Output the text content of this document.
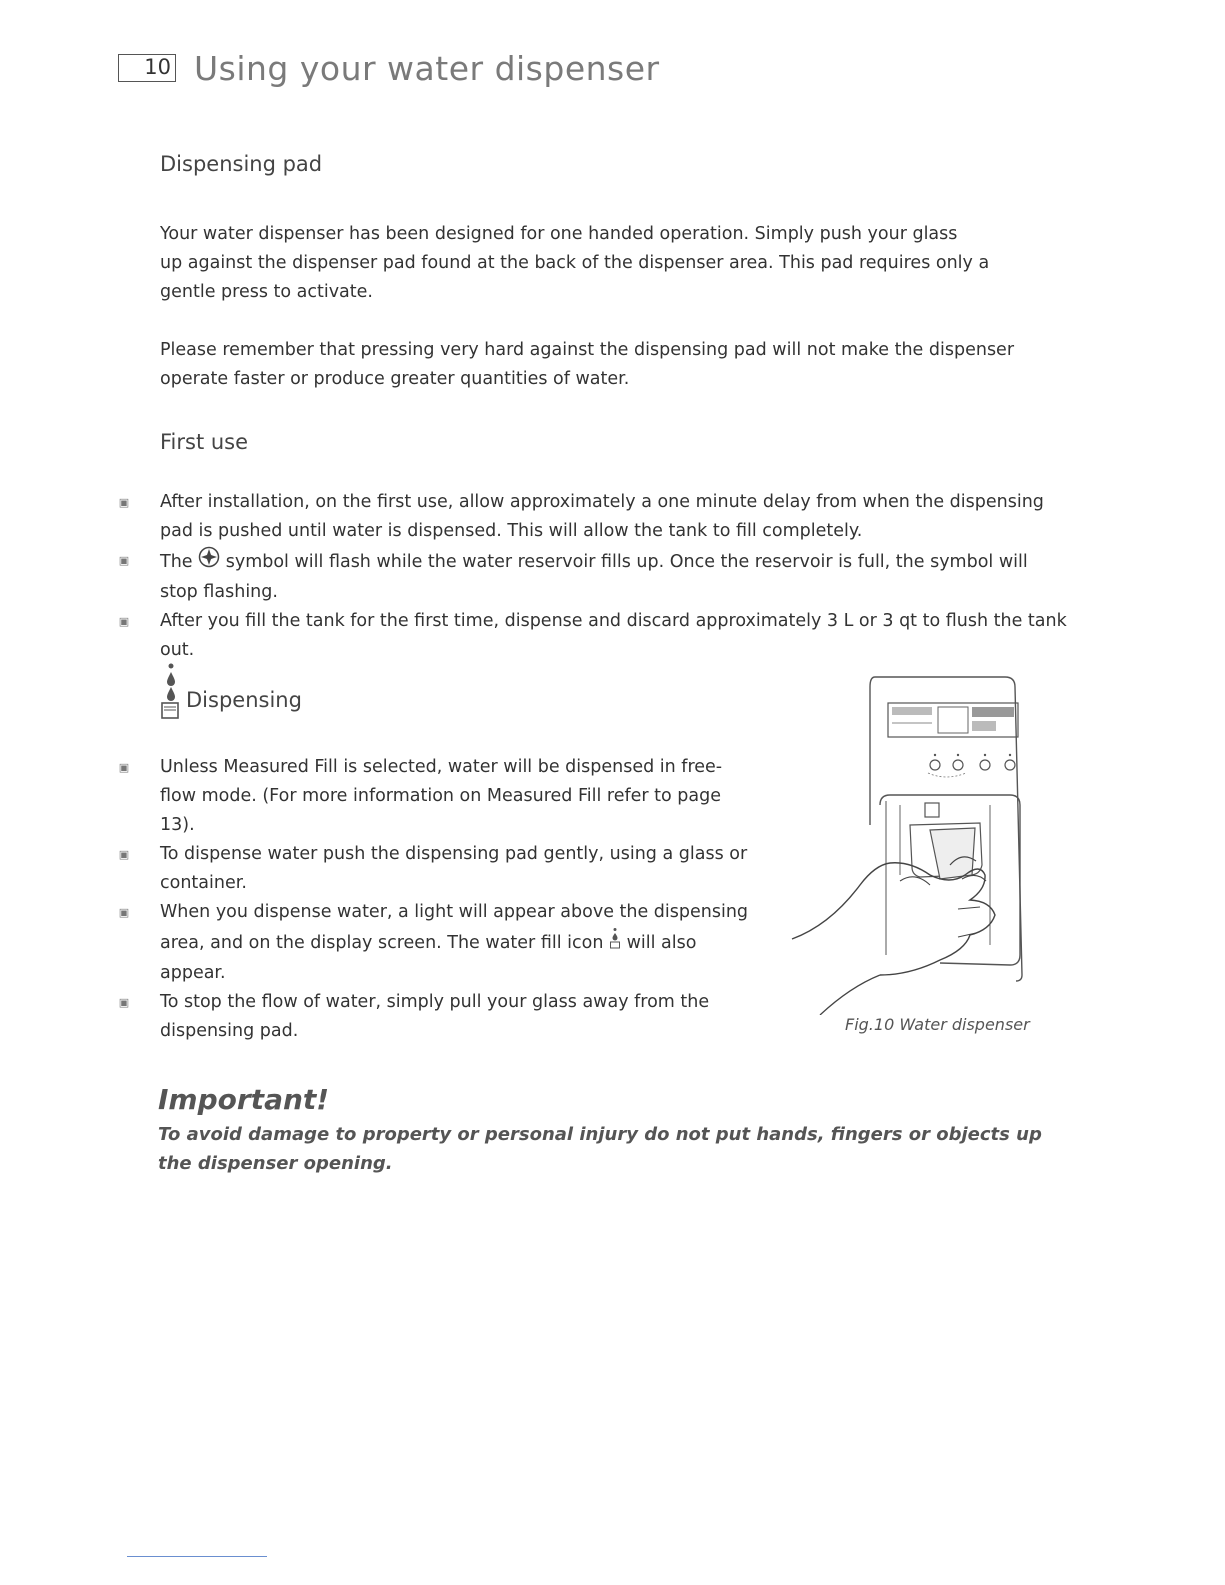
10 Using your water dispenser
Dispensing pad

Your water dispenser has been designed for one handed operation. Simply push your glass
up against the dispenser pad found at the back of the dispenser area. This pad requires only a
gentle press to activate.

Please remember that pressing very hard against the dispensing pad will not make the dispenser
operate faster or produce greater quantities of water.

First use
▣ After installation, on the first use, allow approximately a one minute delay from when the dispensing pad is pushed until water is dispensed. This will allow the tank to fill completely.
▣ The symbol will flash while the water reservoir fills up. Once the reservoir is full, the symbol will stop flashing.
▣ After you fill the tank for the first time, dispense and discard approximately 3 L or 3 qt to flush the tank out.
Dispensing
▣ Unless Measured Fill is selected, water will be dispensed in free-flow mode. (For more information on Measured Fill refer to page 13).
▣ To dispense water push the dispensing pad gently, using a glass or container.
▣ When you dispense water, a light will appear above the dispensing area, and on the display screen. The water fill icon will also appear.
▣ To stop the flow of water, simply pull your glass away from the dispensing pad.	Fig.10 Water dispenser
Important!

To avoid damage to property or personal injury do not put hands, fingers or objects up the dispenser opening.
